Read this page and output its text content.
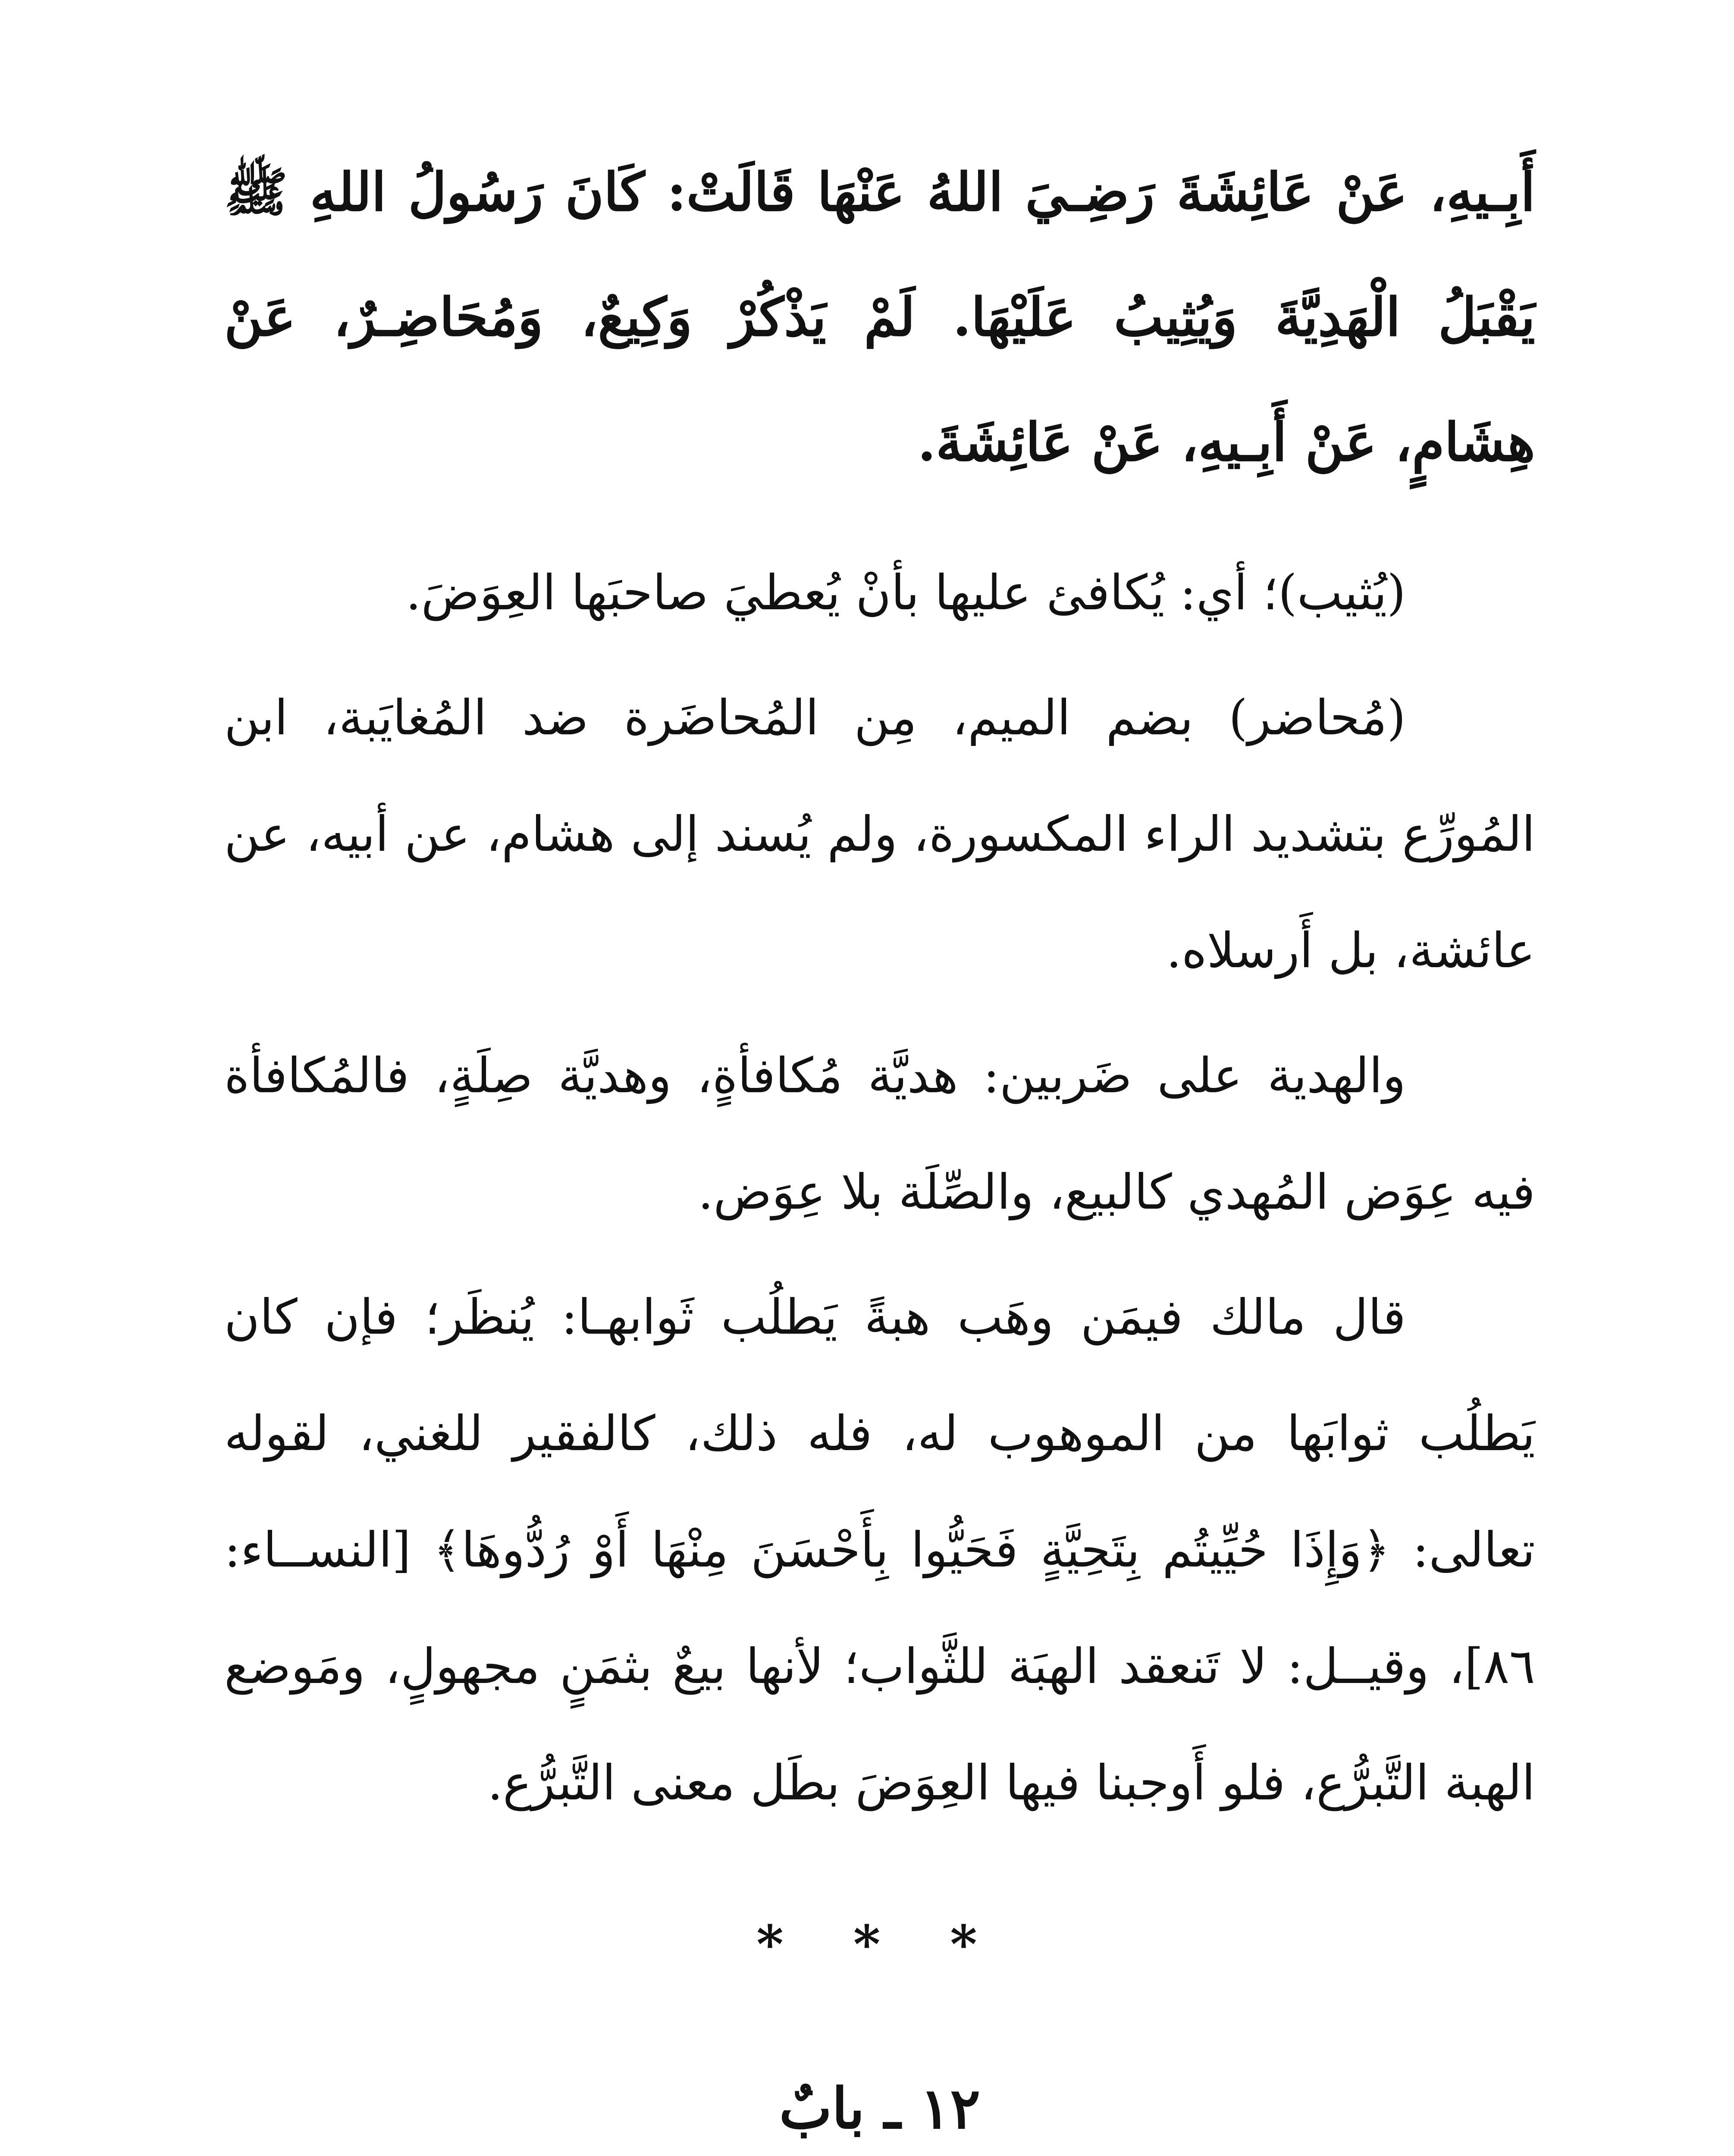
أَبِـيهِ، عَنْ عَائِشَةَ رَضِـيَ اللهُ عَنْهَا قَالَتْ: كَانَ رَسُولُ اللهِ ﷺ يَقْبَلُ الْهَدِيَّةَ وَيُثِيبُ عَلَيْهَا. لَمْ يَذْكُرْ وَكِيعٌ، وَمُحَاضِـرٌ، عَنْ هِشَامٍ، عَنْ أَبِـيهِ، عَنْ عَائِشَةَ.

(يُثيب)؛ أي: يُكافئ عليها بأنْ يُعطيَ صاحبَها العِوَضَ.

(مُحاضر) بضم الميم، مِن المُحاضَرة ضد المُغايَبة، ابن المُورِّع بتشديد الراء المكسورة، ولم يُسند إلى هشام، عن أبيه، عن عائشة، بل أَرسلاه.

والهدية على ضَربين: هديَّة مُكافأةٍ، وهديَّة صِلَةٍ، فالمُكافأة فيه عِوَض المُهدي كالبيع، والصِّلَة بلا عِوَض.

قال مالك فيمَن وهَب هبةً يَطلُب ثَوابهـا: يُنظَر؛ فإن كان يَطلُب ثوابَها من الموهوب له، فله ذلك، كالفقير للغني، لقوله تعالى: ﴿وَإِذَا حُيِّيتُم بِتَحِيَّةٍ فَحَيُّوا بِأَحْسَنَ مِنْهَا أَوْ رُدُّوهَا﴾ [النســاء: ٨٦]، وقيــل: لا تَنعقد الهبَة للثَّواب؛ لأنها بيعٌ بثمَنٍ مجهولٍ، ومَوضع الهبة التَّبرُّع، فلو أَوجبنا فيها العِوَضَ بطَل معنى التَّبرُّع.

* * *
١٢ ـ بابٌ
